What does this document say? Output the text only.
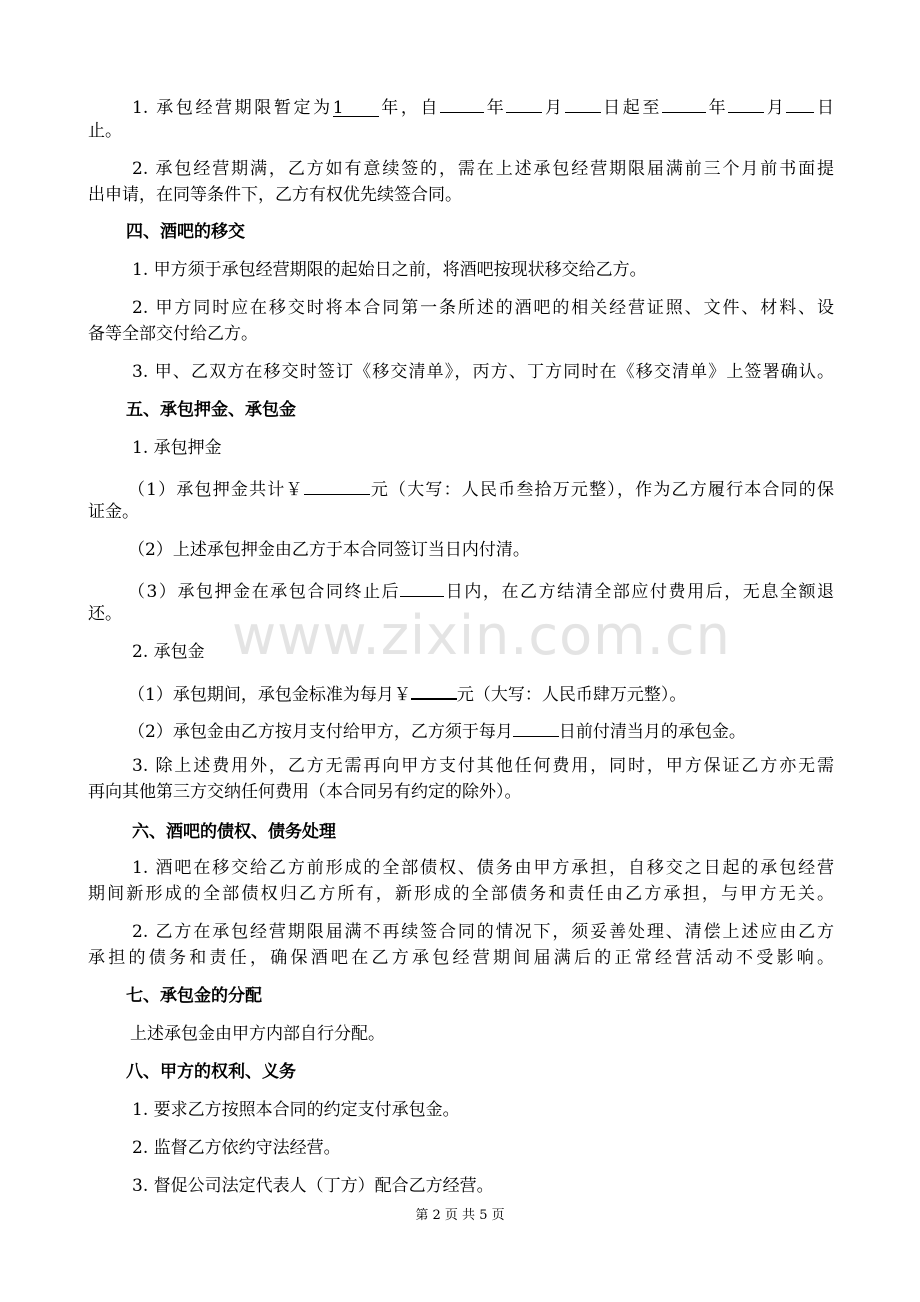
1. 承包经营期限暂定为1 年，自	年 月 日起至	年 月 日
止。
2. 承包经营期满，乙方如有意续签的，需在上述承包经营期限届满前三个月前书面提
出申请，在同等条件下，乙方有权优先续签合同。
四、酒吧的移交
1. 甲方须于承包经营期限的起始日之前，将酒吧按现状移交给乙方。
2. 甲方同时应在移交时将本合同第一条所述的酒吧的相关经营证照、文件、材料、设
备等全部交付给乙方。
3. 甲、乙双方在移交时签订《移交清单》，丙方、丁方同时在《移交清单》上签署确认。
五、承包押金、承包金
1. 承包押金
（1）承包押金共计￥	元（大写：人民币叁拾万元整），作为乙方履行本合同的保
证金。
（2）上述承包押金由乙方于本合同签订当日内付清。
（3）承包押金在承包合同终止后	日内，在乙方结清全部应付费用后，无息全额退
还。	www.zixin.com.cn
2. 承包金
（1）承包期间，承包金标准为每月￥	元（大写：人民币肆万元整）。
（2）承包金由乙方按月支付给甲方，乙方须于每月	日前付清当月的承包金。
3. 除上述费用外，乙方无需再向甲方支付其他任何费用，同时，甲方保证乙方亦无需
再向其他第三方交纳任何费用（本合同另有约定的除外）。
六、酒吧的债权、债务处理
1. 酒吧在移交给乙方前形成的全部债权、债务由甲方承担，自移交之日起的承包经营
期间新形成的全部债权归乙方所有，新形成的全部债务和责任由乙方承担，与甲方无关。
2. 乙方在承包经营期限届满不再续签合同的情况下，须妥善处理、清偿上述应由乙方
承担的债务和责任，确保酒吧在乙方承包经营期间届满后的正常经营活动不受影响。
七、承包金的分配
上述承包金由甲方内部自行分配。
八、甲方的权利、义务
1. 要求乙方按照本合同的约定支付承包金。
2. 监督乙方依约守法经营。
3. 督促公司法定代表人（丁方）配合乙方经营。
第 2 页 共 5 页
